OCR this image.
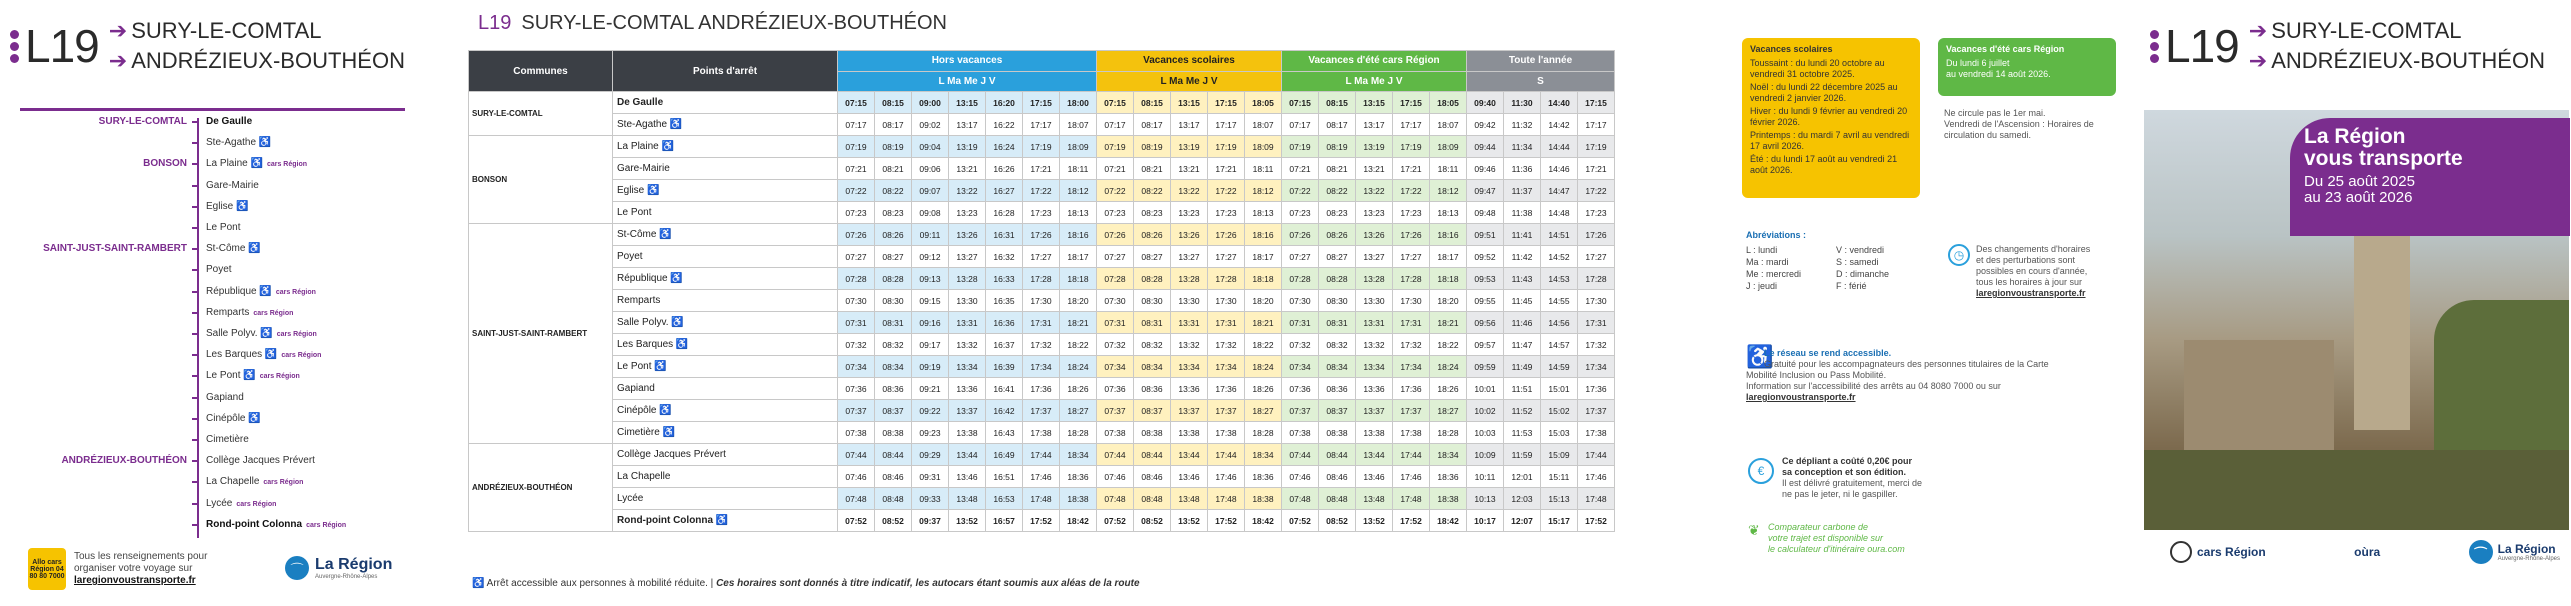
L19 ➔ SURY-LE-COMTAL
➔ ANDRÉZIEUX-BOUTHÉON
SURY-LE-COMTAL De Gaulle
Ste-Agathe ♿
BONSON La Plaine ♿ cars Région
Gare-Mairie
Eglise ♿
Le Pont
SAINT-JUST-SAINT-RAMBERT St-Côme ♿
Poyet
République ♿ cars Région
Remparts cars Région
Salle Polyv. ♿ cars Région
Les Barques ♿ cars Région
Le Pont ♿ cars Région
Gapiand
Cinépôle ♿
Cimetière
ANDRÉZIEUX-BOUTHÉON Collège Jacques Prévert
La Chapelle cars Région
Lycée cars Région
Rond-point Colonna cars Région
Allo cars Région 04 80 80 7000
Tous les renseignements pour
organiser votre voyage sur
laregionvoustransporte.fr
⌒ La Région
Auvergne-Rhône-Alpes
L19 SURY-LE-COMTAL ANDRÉZIEUX-BOUTHÉON
Communes	Points d'arrêt	Hors vacances							Vacances scolaires					Vacances d'été cars Région					Toute l'année			
		L Ma Me J V							L Ma Me J V					L Ma Me J V					S			
SURY-LE-COMTAL	De Gaulle	07:15	08:15	09:00	13:15	16:20	17:15	18:00	07:15	08:15	13:15	17:15	18:05	07:15	08:15	13:15	17:15	18:05	09:40	11:30	14:40	17:15
	Ste-Agathe ♿	07:17	08:17	09:02	13:17	16:22	17:17	18:07	07:17	08:17	13:17	17:17	18:07	07:17	08:17	13:17	17:17	18:07	09:42	11:32	14:42	17:17
BONSON	La Plaine ♿	07:19	08:19	09:04	13:19	16:24	17:19	18:09	07:19	08:19	13:19	17:19	18:09	07:19	08:19	13:19	17:19	18:09	09:44	11:34	14:44	17:19
	Gare-Mairie	07:21	08:21	09:06	13:21	16:26	17:21	18:11	07:21	08:21	13:21	17:21	18:11	07:21	08:21	13:21	17:21	18:11	09:46	11:36	14:46	17:21
	Eglise ♿	07:22	08:22	09:07	13:22	16:27	17:22	18:12	07:22	08:22	13:22	17:22	18:12	07:22	08:22	13:22	17:22	18:12	09:47	11:37	14:47	17:22
	Le Pont	07:23	08:23	09:08	13:23	16:28	17:23	18:13	07:23	08:23	13:23	17:23	18:13	07:23	08:23	13:23	17:23	18:13	09:48	11:38	14:48	17:23
SAINT-JUST-SAINT-RAMBERT	St-Côme ♿	07:26	08:26	09:11	13:26	16:31	17:26	18:16	07:26	08:26	13:26	17:26	18:16	07:26	08:26	13:26	17:26	18:16	09:51	11:41	14:51	17:26
	Poyet	07:27	08:27	09:12	13:27	16:32	17:27	18:17	07:27	08:27	13:27	17:27	18:17	07:27	08:27	13:27	17:27	18:17	09:52	11:42	14:52	17:27
	République ♿	07:28	08:28	09:13	13:28	16:33	17:28	18:18	07:28	08:28	13:28	17:28	18:18	07:28	08:28	13:28	17:28	18:18	09:53	11:43	14:53	17:28
	Remparts	07:30	08:30	09:15	13:30	16:35	17:30	18:20	07:30	08:30	13:30	17:30	18:20	07:30	08:30	13:30	17:30	18:20	09:55	11:45	14:55	17:30
	Salle Polyv. ♿	07:31	08:31	09:16	13:31	16:36	17:31	18:21	07:31	08:31	13:31	17:31	18:21	07:31	08:31	13:31	17:31	18:21	09:56	11:46	14:56	17:31
	Les Barques ♿	07:32	08:32	09:17	13:32	16:37	17:32	18:22	07:32	08:32	13:32	17:32	18:22	07:32	08:32	13:32	17:32	18:22	09:57	11:47	14:57	17:32
	Le Pont ♿	07:34	08:34	09:19	13:34	16:39	17:34	18:24	07:34	08:34	13:34	17:34	18:24	07:34	08:34	13:34	17:34	18:24	09:59	11:49	14:59	17:34
	Gapiand	07:36	08:36	09:21	13:36	16:41	17:36	18:26	07:36	08:36	13:36	17:36	18:26	07:36	08:36	13:36	17:36	18:26	10:01	11:51	15:01	17:36
	Cinépôle ♿	07:37	08:37	09:22	13:37	16:42	17:37	18:27	07:37	08:37	13:37	17:37	18:27	07:37	08:37	13:37	17:37	18:27	10:02	11:52	15:02	17:37
	Cimetière ♿	07:38	08:38	09:23	13:38	16:43	17:38	18:28	07:38	08:38	13:38	17:38	18:28	07:38	08:38	13:38	17:38	18:28	10:03	11:53	15:03	17:38
ANDRÉZIEUX-BOUTHÉON	Collège Jacques Prévert	07:44	08:44	09:29	13:44	16:49	17:44	18:34	07:44	08:44	13:44	17:44	18:34	07:44	08:44	13:44	17:44	18:34	10:09	11:59	15:09	17:44
	La Chapelle	07:46	08:46	09:31	13:46	16:51	17:46	18:36	07:46	08:46	13:46	17:46	18:36	07:46	08:46	13:46	17:46	18:36	10:11	12:01	15:11	17:46
	Lycée	07:48	08:48	09:33	13:48	16:53	17:48	18:38	07:48	08:48	13:48	17:48	18:38	07:48	08:48	13:48	17:48	18:38	10:13	12:03	15:13	17:48
	Rond-point Colonna ♿	07:52	08:52	09:37	13:52	16:57	17:52	18:42	07:52	08:52	13:52	17:52	18:42	07:52	08:52	13:52	17:52	18:42	10:17	12:07	15:17	17:52
♿ Arrêt accessible aux personnes à mobilité réduite. | Ces horaires sont donnés à titre indicatif, les autocars étant soumis aux aléas de la route
Vacances scolaires
Toussaint : du lundi 20 octobre au vendredi 31 octobre 2025.
Noël : du lundi 22 décembre 2025 au vendredi 2 janvier 2026.
Hiver : du lundi 9 février au vendredi 20 février 2026.
Printemps : du mardi 7 avril au vendredi 17 avril 2026.
Été : du lundi 17 août au vendredi 21 août 2026.
Vacances d'été cars Région
Du lundi 6 juillet
au vendredi 14 août 2026.
Ne circule pas le 1er mai.
Vendredi de l'Ascension : Horaires de
circulation du samedi.
Abréviations :
L : lundi	V : vendredi
Ma : mardi	S : samedi
Me : mercredi	D : dimanche
J : jeudi	F : férié
◷	Des changements d'horaires
et des perturbations sont
possibles en cours d'année,
tous les horaires à jour sur
laregionvoustransporte.fr
♿
Le réseau se rend accessible.
Gratuité pour les accompagnateurs des personnes titulaires de la Carte
Mobilité Inclusion ou Pass Mobilité.
Information sur l'accessibilité des arrêts au 04 8080 7000 ou sur
laregionvoustransporte.fr
€
Ce dépliant a coûté 0,20€ pour
sa conception et son édition.
Il est délivré gratuitement, merci de
ne pas le jeter, ni le gaspiller.
❦ Comparateur carbone de
votre trajet est disponible sur
le calculateur d'itinéraire oura.com
L19 ➔ SURY-LE-COMTAL
➔ ANDRÉZIEUX-BOUTHÉON
La Région
vous transporte
Du 25 août 2025
au 23 août 2026
cars Région	oùra	⌒ La Région
Auvergne-Rhône-Alpes
